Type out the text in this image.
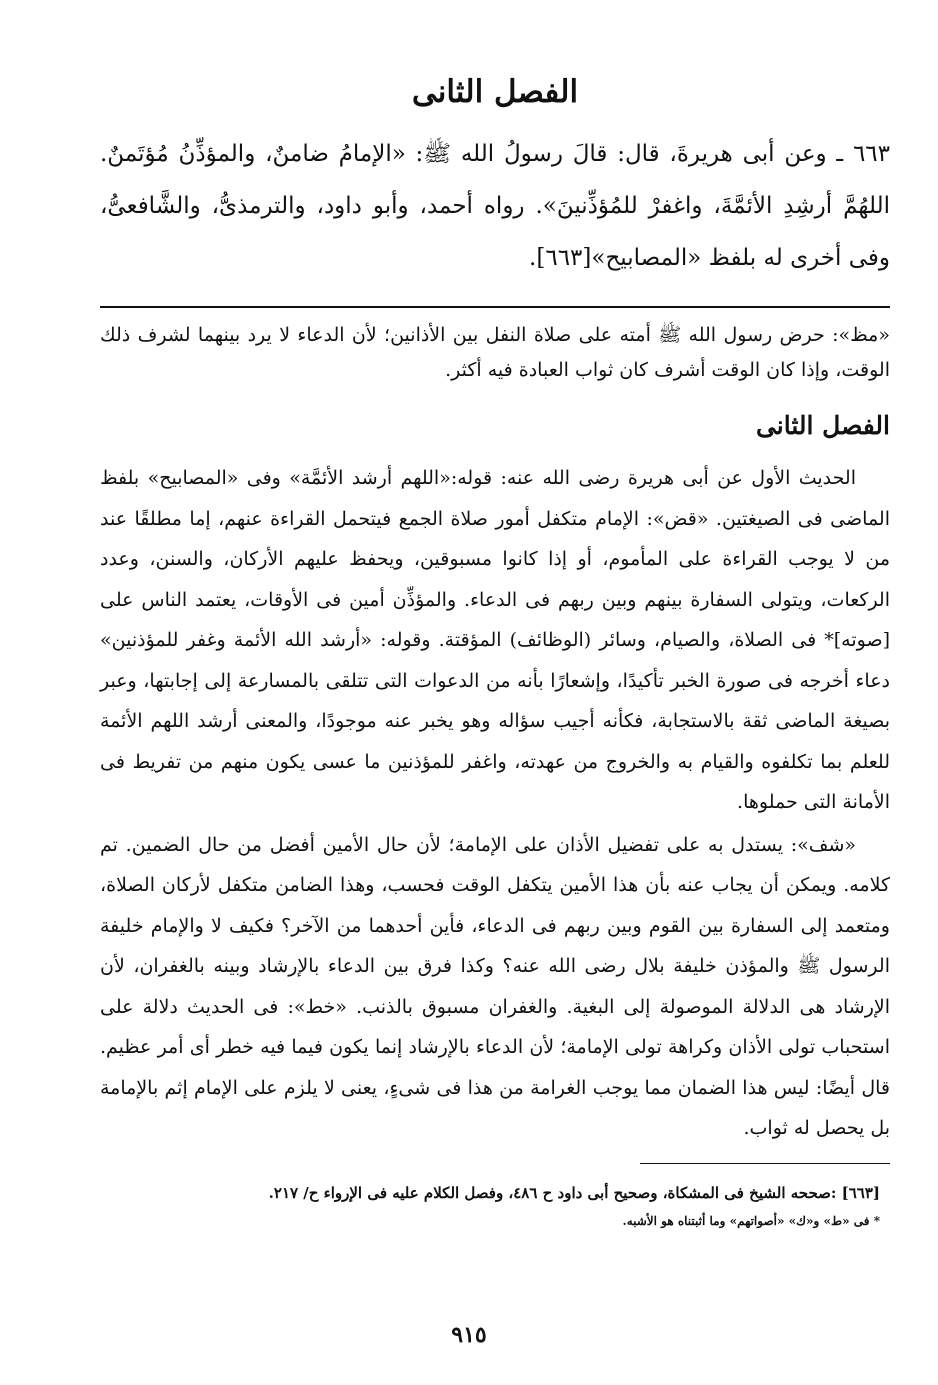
الفصل الثانى

٦٦٣ ـ وعن أبى هريرةَ، قال: قالَ رسولُ الله ﷺ: «الإمامُ ضامنٌ، والمؤذِّنُ مُؤتَمنٌ. اللهُمَّ أرشِدِ الأئمَّةَ، واغفرْ للمُؤذِّنينَ». رواه أحمد، وأبو داود، والترمذىُّ، والشَّافعىُّ، وفى أخرى له بلفظ «المصابيح»[٦٦٣].

«مظ»: حرض رسول الله ﷺ أمته على صلاة النفل بين الأذانين؛ لأن الدعاء لا يرد بينهما لشرف ذلك الوقت، وإذا كان الوقت أشرف كان ثواب العبادة فيه أكثر.

الفصل الثانى

الحديث الأول عن أبى هريرة رضى الله عنه: قوله:«اللهم أرشد الأئمَّة» وفى «المصابيح» بلفظ الماضى فى الصيغتين. «قض»: الإمام متكفل أمور صلاة الجمع فيتحمل القراءة عنهم، إما مطلقًا عند من لا يوجب القراءة على المأموم، أو إذا كانوا مسبوقين، ويحفظ عليهم الأركان، والسنن، وعدد الركعات، ويتولى السفارة بينهم وبين ربهم فى الدعاء. والمؤذِّن أمين فى الأوقات، يعتمد الناس على [صوته]* فى الصلاة، والصيام، وسائر (الوظائف) المؤقتة. وقوله: «أرشد الله الأئمة وغفر للمؤذنين» دعاء أخرجه فى صورة الخبر تأكيدًا، وإشعارًا بأنه من الدعوات التى تتلقى بالمسارعة إلى إجابتها، وعبر بصيغة الماضى ثقة بالاستجابة، فكأنه أجيب سؤاله وهو يخبر عنه موجودًا، والمعنى أرشد اللهم الأئمة للعلم بما تكلفوه والقيام به والخروج من عهدته، واغفر للمؤذنين ما عسى يكون منهم من تفريط فى الأمانة التى حملوها.

«شف»: يستدل به على تفضيل الأذان على الإمامة؛ لأن حال الأمين أفضل من حال الضمين. تم كلامه. ويمكن أن يجاب عنه بأن هذا الأمين يتكفل الوقت فحسب، وهذا الضامن متكفل لأركان الصلاة، ومتعمد إلى السفارة بين القوم وبين ربهم فى الدعاء، فأين أحدهما من الآخر؟ فكيف لا والإمام خليفة الرسول ﷺ والمؤذن خليفة بلال رضى الله عنه؟ وكذا فرق بين الدعاء بالإرشاد وبينه بالغفران، لأن الإرشاد هى الدلالة الموصولة إلى البغية. والغفران مسبوق بالذنب. «خط»: فى الحديث دلالة على استحباب تولى الأذان وكراهة تولى الإمامة؛ لأن الدعاء بالإرشاد إنما يكون فيما فيه خطر أى أمر عظيم. قال أيضًا: ليس هذا الضمان مما يوجب الغرامة من هذا فى شىءٍ، يعنى لا يلزم على الإمام إثم بالإمامة بل يحصل له ثواب.

[٦٦٣] :صححه الشيخ فى المشكاة، وصحيح أبى داود ح ٤٨٦، وفصل الكلام عليه فى الإرواء ح/ ٢١٧.

* فى «ط» و«ك» «أصواتهم» وما أثبتناه هو الأشبه.

٩١٥
